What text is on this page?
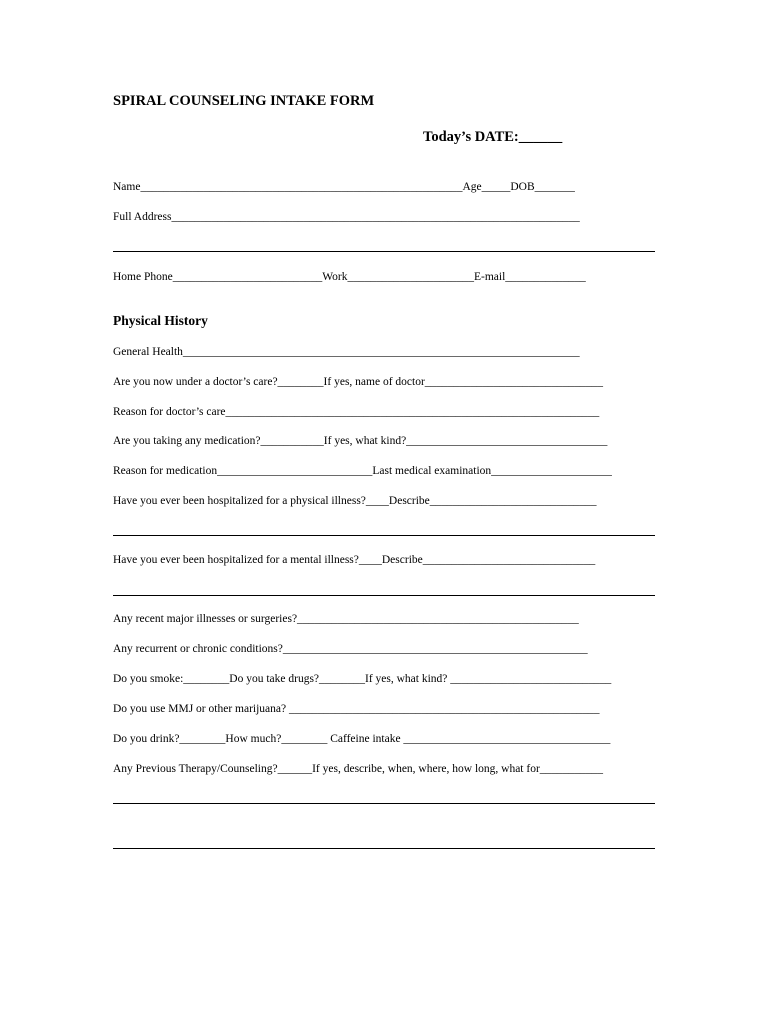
SPIRAL COUNSELING INTAKE FORM
Today’s DATE:______
Name________________________________________________________Age_____DOB_______
Full Address_______________________________________________________________________
Home Phone__________________________Work______________________E-mail______________
Physical History
General Health_____________________________________________________________________
Are you now under a doctor’s care?________If yes, name of doctor_______________________________
Reason for doctor’s care_________________________________________________________________
Are you taking any medication?___________If yes, what kind?___________________________________
Reason for medication___________________________Last medical examination_____________________
Have you ever been hospitalized for a physical illness?____Describe_____________________________
Have you ever been hospitalized for a mental illness?____Describe______________________________
Any recent major illnesses or surgeries?_________________________________________________
Any recurrent or chronic conditions?_____________________________________________________
Do you smoke:________Do you take drugs?________If yes, what kind? ____________________________
Do you use MMJ or other marijuana? ______________________________________________________
Do you drink?________How much?________ Caffeine intake ____________________________________
Any Previous Therapy/Counseling?______If yes, describe, when, where, how long, what for___________
